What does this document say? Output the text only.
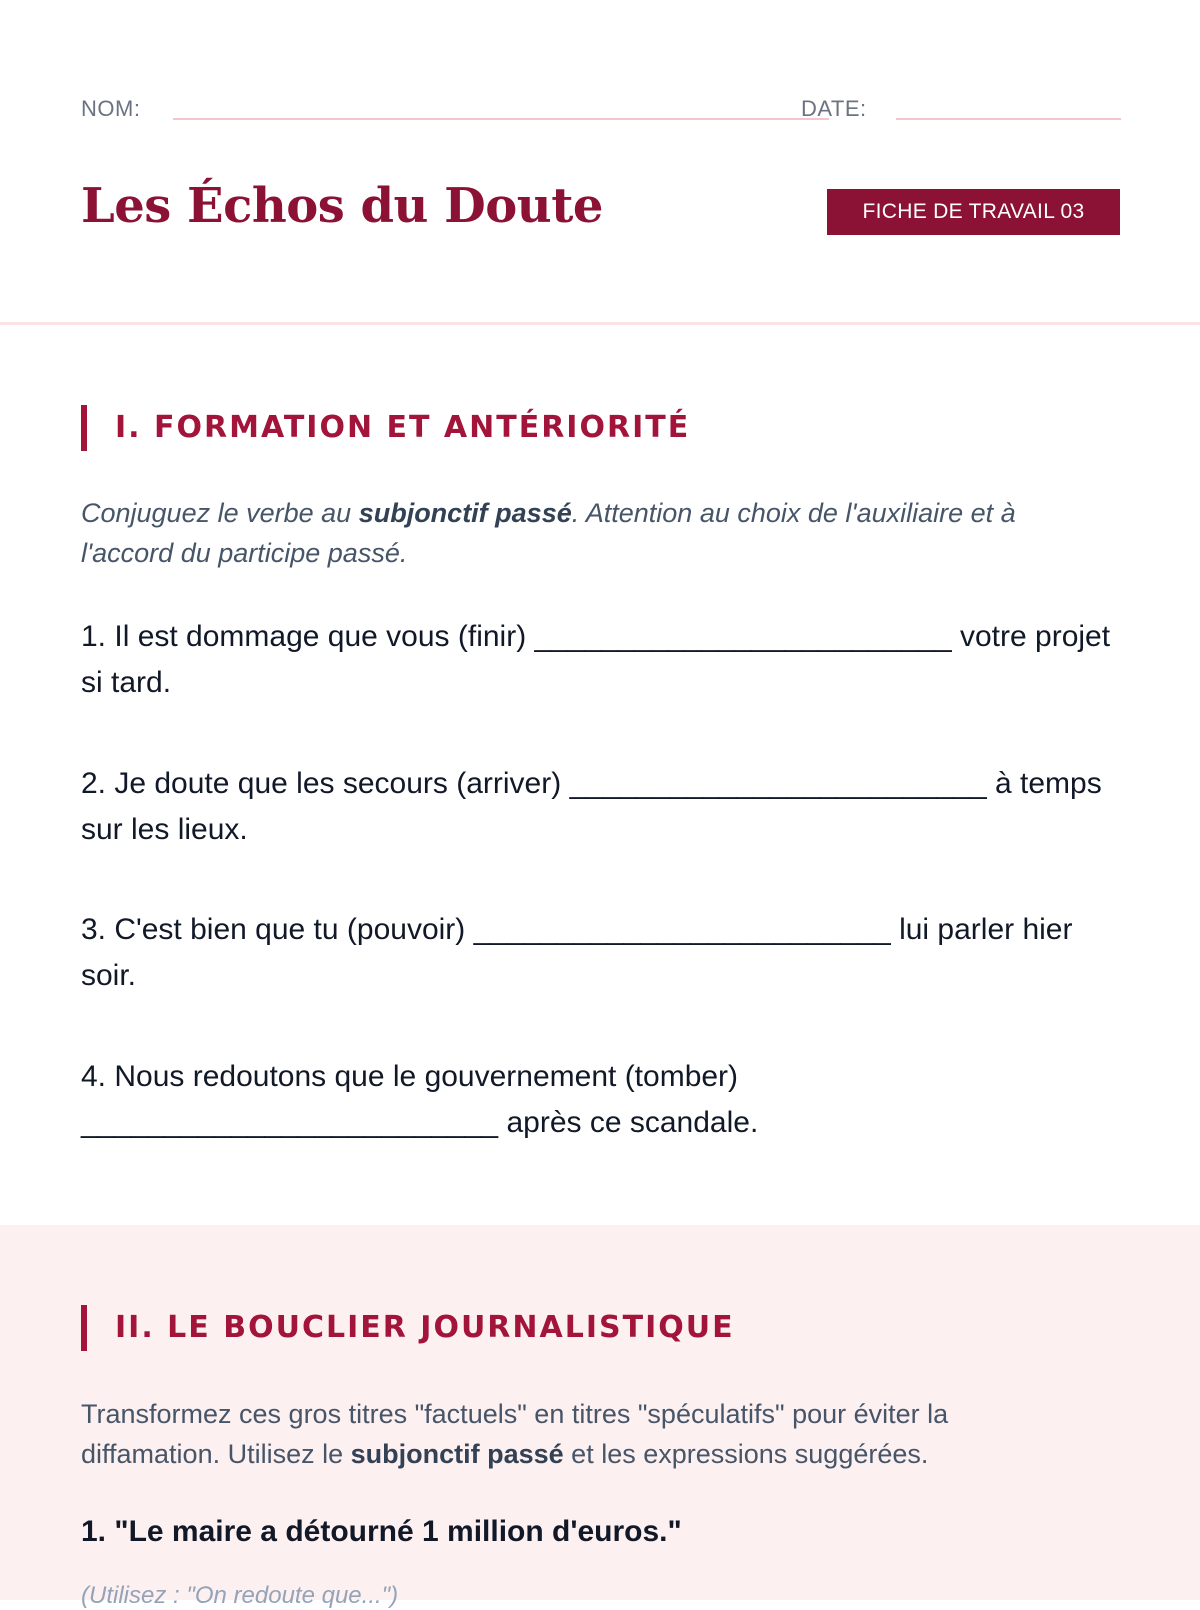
NOM:	DATE:
Les Échos du Doute	FICHE DE TRAVAIL 03
I. FORMATION ET ANTÉRIORITÉ

Conjuguez le verbe au subjonctif passé. Attention au choix de l'auxiliaire et à l'accord du participe passé.

1. Il est dommage que vous (finir) _________________________ votre projet si tard.

2. Je doute que les secours (arriver) _________________________ à temps sur les lieux.

3. C'est bien que tu (pouvoir) _________________________ lui parler hier soir.

4. Nous redoutons que le gouvernement (tomber) _________________________ après ce scandale.

II. LE BOUCLIER JOURNALISTIQUE

Transformez ces gros titres "factuels" en titres "spéculatifs" pour éviter la diffamation. Utilisez le subjonctif passé et les expressions suggérées.

1. "Le maire a détourné 1 million d'euros."

(Utilisez : "On redoute que...")
